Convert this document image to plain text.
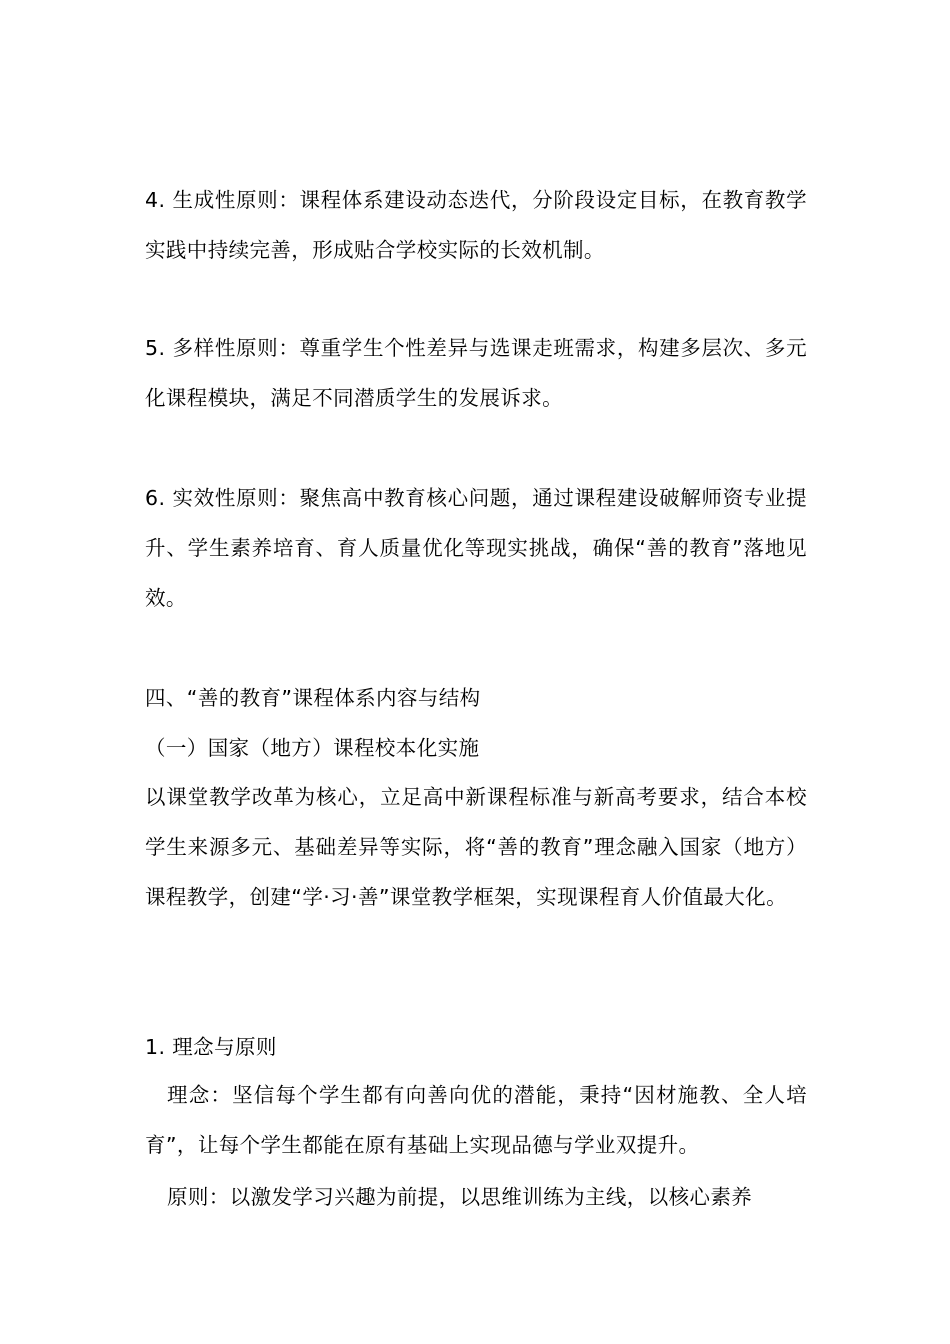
4. 生成性原则：课程体系建设动态迭代，分阶段设定目标，在教育教学实践中持续完善，形成贴合学校实际的长效机制。

5. 多样性原则：尊重学生个性差异与选课走班需求，构建多层次、多元化课程模块，满足不同潜质学生的发展诉求。

6. 实效性原则：聚焦高中教育核心问题，通过课程建设破解师资专业提升、学生素养培育、育人质量优化等现实挑战，确保“善的教育”落地见效。

四、“善的教育”课程体系内容与结构

（一）国家（地方）课程校本化实施

以课堂教学改革为核心，立足高中新课程标准与新高考要求，结合本校学生来源多元、基础差异等实际，将“善的教育”理念融入国家（地方）课程教学，创建“学·习·善”课堂教学框架，实现课程育人价值最大化。

1. 理念与原则

理念：坚信每个学生都有向善向优的潜能，秉持“因材施教、全人培育”，让每个学生都能在原有基础上实现品德与学业双提升。

原则：以激发学习兴趣为前提，以思维训练为主线，以核心素养
